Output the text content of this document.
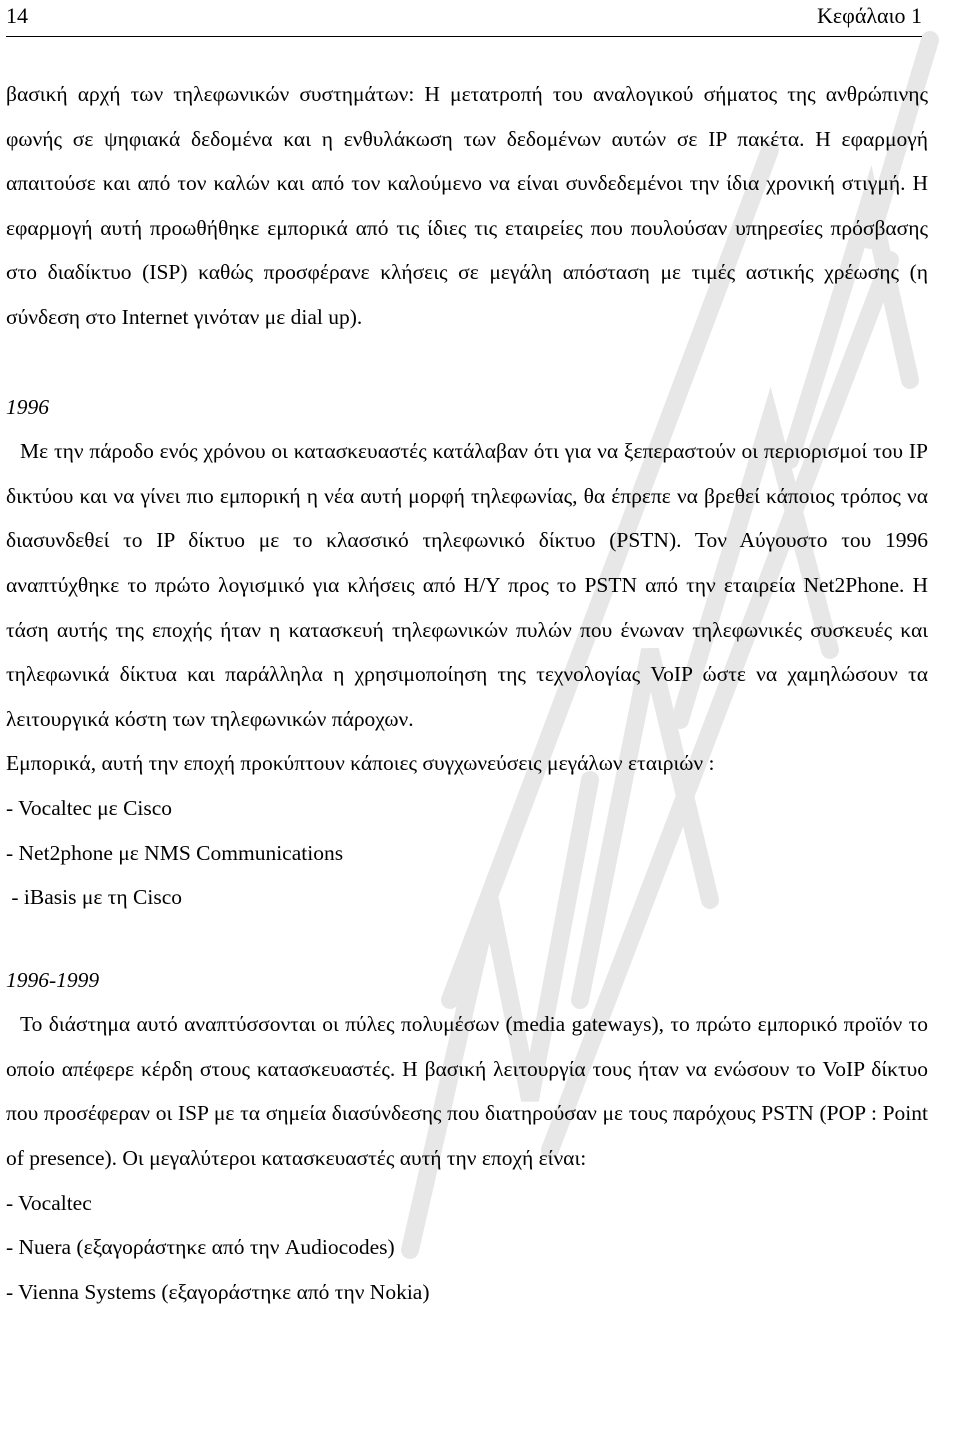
14	Κεφάλαιο 1

βασική αρχή των τηλεφωνικών συστημάτων: Η μετατροπή του αναλογικού σήματος της ανθρώπινης φωνής σε ψηφιακά δεδομένα και η ενθυλάκωση των δεδομένων αυτών σε IP πακέτα. Η εφαρμογή απαιτούσε και από τον καλών και από τον καλούμενο να είναι συνδεδεμένοι την ίδια χρονική στιγμή. Η εφαρμογή αυτή προωθήθηκε εμπορικά από τις ίδιες τις εταιρείες που πουλούσαν υπηρεσίες πρόσβασης στο διαδίκτυο (ISP) καθώς προσφέρανε κλήσεις σε μεγάλη απόσταση με τιμές αστικής χρέωσης (η σύνδεση στο Internet γινόταν με dial up).

1996

Με την πάροδο ενός χρόνου οι κατασκευαστές κατάλαβαν ότι για να ξεπεραστούν οι περιορισμοί του IP δικτύου και να γίνει πιο εμπορική η νέα αυτή μορφή τηλεφωνίας, θα έπρεπε να βρεθεί κάποιος τρόπος να διασυνδεθεί το IP δίκτυο με το κλασσικό τηλεφωνικό δίκτυο (PSTN). Τον Αύγουστο του 1996 αναπτύχθηκε το πρώτο λογισμικό για κλήσεις από Η/Υ προς το PSTN από την εταιρεία Net2Phone. Η τάση αυτής της εποχής ήταν η κατασκευή τηλεφωνικών πυλών που ένωναν τηλεφωνικές συσκευές και τηλεφωνικά δίκτυα και παράλληλα η χρησιμοποίηση της τεχνολογίας VoIP ώστε να χαμηλώσουν τα λειτουργικά κόστη των τηλεφωνικών πάροχων.

Εμπορικά, αυτή την εποχή προκύπτουν κάποιες συγχωνεύσεις μεγάλων εταιριών :

- Vocaltec με Cisco

- Net2phone με NMS Communications

- iBasis με τη Cisco

1996-1999

Το διάστημα αυτό αναπτύσσονται οι πύλες πολυμέσων (media gateways), το πρώτο εμπορικό προϊόν το οποίο απέφερε κέρδη στους κατασκευαστές. Η βασική λειτουργία τους ήταν να ενώσουν το VoIP δίκτυο που προσέφεραν οι ISP με τα σημεία διασύνδεσης που διατηρούσαν με τους παρόχους PSTN (POP : Point of presence). Οι μεγαλύτεροι κατασκευαστές αυτή την εποχή είναι:

- Vocaltec

- Nuera (εξαγοράστηκε από την Audiocodes)

- Vienna Systems (εξαγοράστηκε από την Nokia)
